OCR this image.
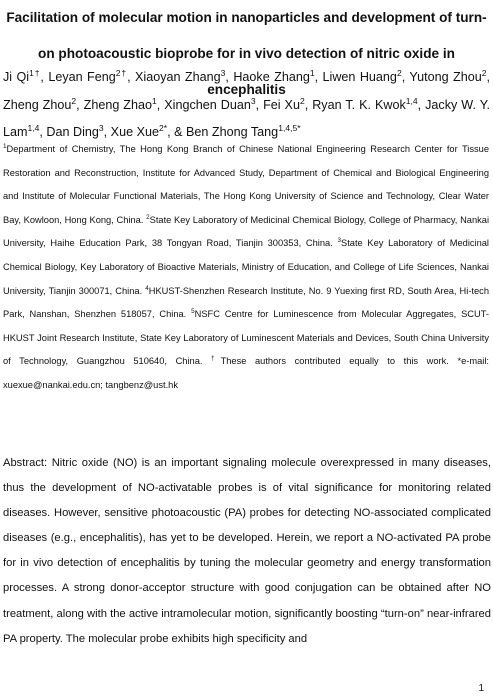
Facilitation of molecular motion in nanoparticles and development of turn-on photoacoustic bioprobe for in vivo detection of nitric oxide in encephalitis

Ji $Qi^{1\dagger}$, Leyan Feng$^{2\dagger}$, Xiaoyan Zhang$^3$, Haoke Zhang$^1$, Liwen Huang$^2$, Yutong Zhou$^2$, Zheng Zhou$^2$, Zheng Zhao$^1$, Xingchen Duan$^3$, Fei Xu$^2$, Ryan T. K. Kwok$^{1,4}$, Jacky W. Y. Lam$^{1,4}$, Dan Ding$^3$, Xue Xue$^{2*}$, & Ben Zhong Tang$^{1,4,5*}$

$^1$Department of Chemistry, The Hong Kong Branch of Chinese National Engineering Research Center for Tissue Restoration and Reconstruction, Institute for Advanced Study, Department of Chemical and Biological Engineering and Institute of Molecular Functional Materials, The Hong Kong University of Science and Technology, Clear Water Bay, Kowloon, Hong Kong, China. $^2$State Key Laboratory of Medicinal Chemical Biology, College of Pharmacy, Nankai University, Haihe Education Park, 38 Tongyan Road, Tianjin 300353, China. $^3$State Key Laboratory of Medicinal Chemical Biology, Key Laboratory of Bioactive Materials, Ministry of Education, and College of Life Sciences, Nankai University, Tianjin 300071, China. $^4$HKUST-Shenzhen Research Institute, No. 9 Yuexing first RD, South Area, Hi-tech Park, Nanshan, Shenzhen 518057, China. $^5$NSFC Centre for Luminescence from Molecular Aggregates, SCUT-HKUST Joint Research Institute, State Key Laboratory of Luminescent Materials and Devices, South China University of Technology, Guangzhou 510640, China. †These authors contributed equally to this work. *e-mail: xuexue@nankai.edu.cn; tangbenz@ust.hk

Abstract: Nitric oxide (NO) is an important signaling molecule overexpressed in many diseases, thus the development of NO-activatable probes is of vital significance for monitoring related diseases. However, sensitive photoacoustic (PA) probes for detecting NO-associated complicated diseases (e.g., encephalitis), has yet to be developed. Herein, we report a NO-activated PA probe for in vivo detection of encephalitis by tuning the molecular geometry and energy transformation processes. A strong donor-acceptor structure with good conjugation can be obtained after NO treatment, along with the active intramolecular motion, significantly boosting “turn-on” near-infrared PA property. The molecular probe exhibits high specificity and

1
